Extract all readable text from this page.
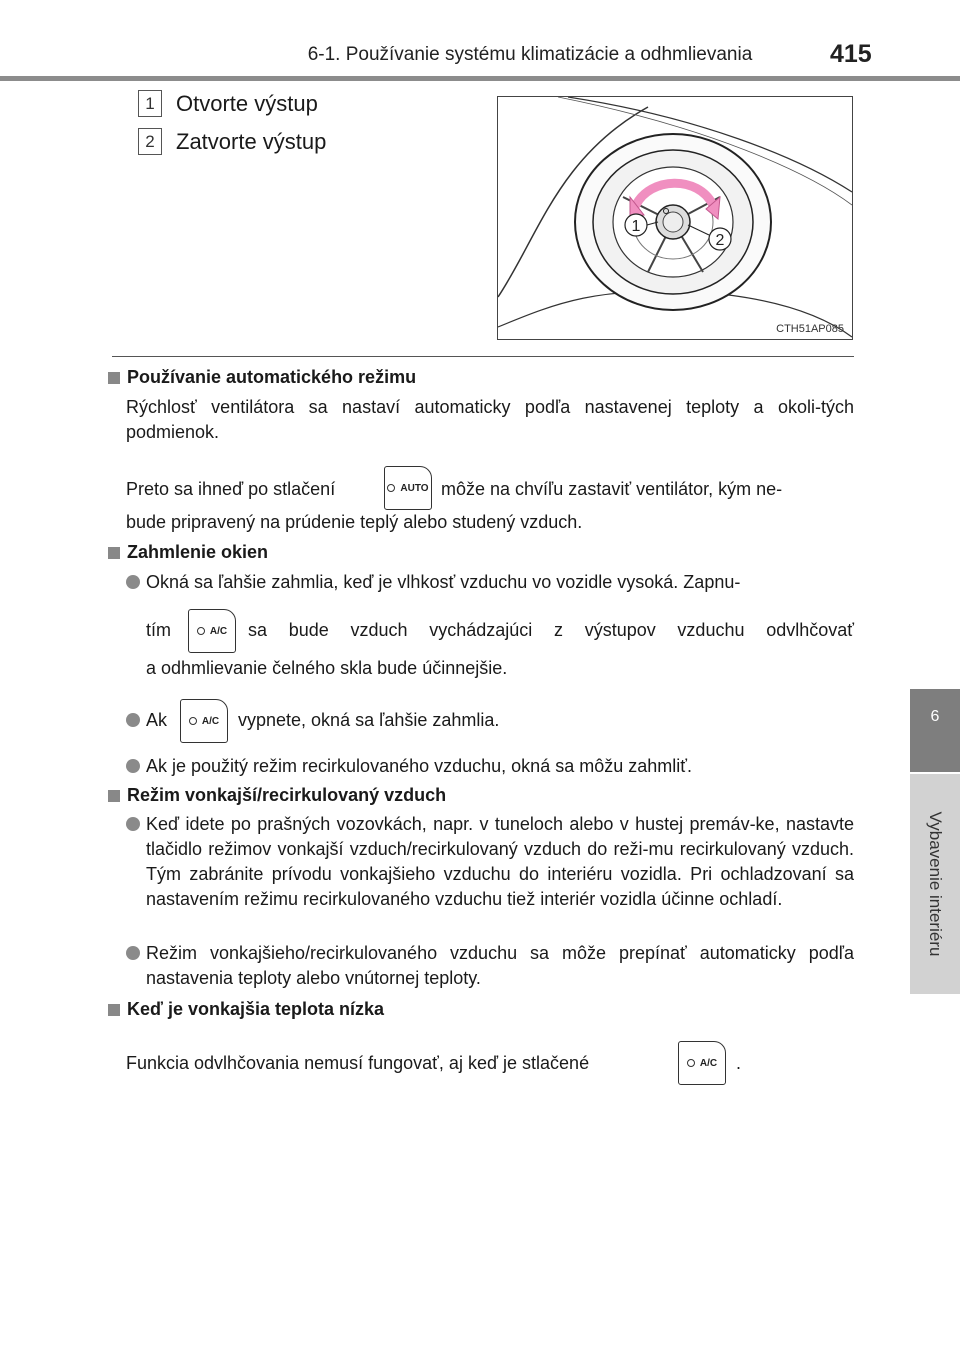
6-1. Používanie systému klimatizácie a odhmlievania	415
6
Vybavenie interiéru
1 Otvorte výstup
2 Zatvorte výstup
1
2
CTH51AP085
Používanie automatického režimu
Rýchlosť ventilátora sa nastaví automaticky podľa nastavenej teploty a okoli-tých podmienok.
Preto sa ihneď po stlačení	AUTO môže na chvíľu zastaviť ventilátor, kým ne-
bude pripravený na prúdenie teplý alebo studený vzduch.
Zahmlenie okien
Okná sa ľahšie zahmlia, keď je vlhkosť vzduchu vo vozidle vysoká. Zapnu-
tím	A/C sa bude vzduch vychádzajúci z výstupov vzduchu odvlhčovať
a odhmlievanie čelného skla bude účinnejšie.
Ak	A/C vypnete, okná sa ľahšie zahmlia.
Ak je použitý režim recirkulovaného vzduchu, okná sa môžu zahmliť.
Režim vonkajší/recirkulovaný vzduch
Keď idete po prašných vozovkách, napr. v tuneloch alebo v hustej premáv-ke, nastavte tlačidlo režimov vonkajší vzduch/recirkulovaný vzduch do reži-mu recirkulovaný vzduch. Tým zabránite prívodu vonkajšieho vzduchu do interiéru vozidla. Pri ochladzovaní sa nastavením režimu recirkulovaného vzduchu tiež interiér vozidla účinne ochladí.
Režim vonkajšieho/recirkulovaného vzduchu sa môže prepínať automaticky podľa nastavenia teploty alebo vnútornej teploty.
Keď je vonkajšia teplota nízka
Funkcia odvlhčovania nemusí fungovať, aj keď je stlačené	A/C .
